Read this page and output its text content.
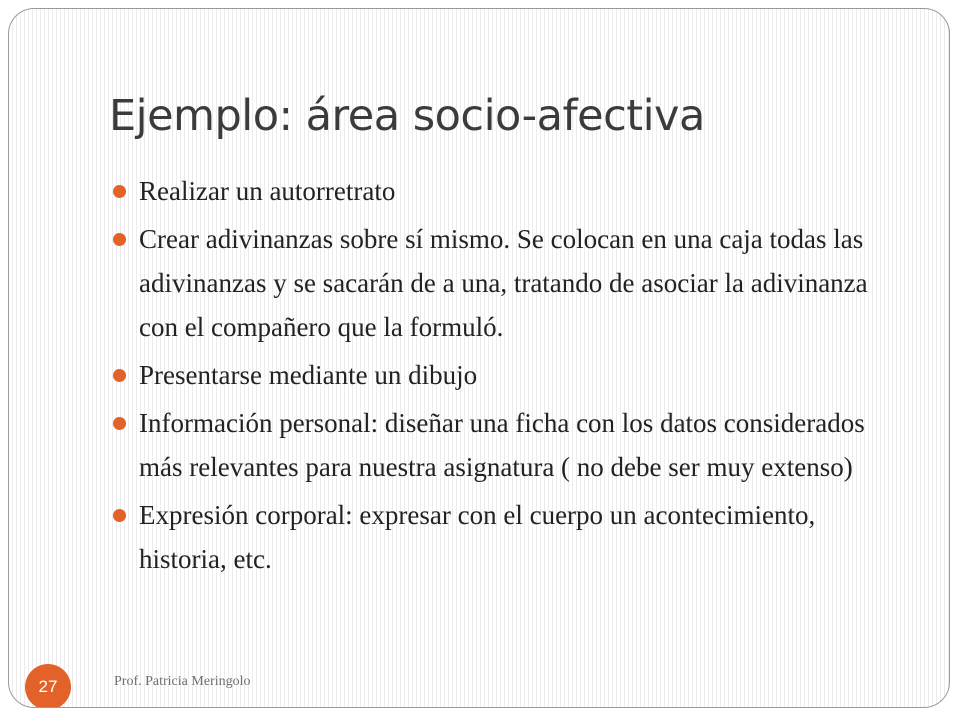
Ejemplo: área socio-afectiva
Realizar un autorretrato
Crear adivinanzas sobre sí mismo. Se colocan en una caja todas las adivinanzas y se sacarán de a una, tratando de asociar la adivinanza con el compañero que la formuló.
Presentarse mediante un dibujo
Información personal: diseñar una ficha con los datos considerados más relevantes para nuestra asignatura ( no debe ser muy extenso)
Expresión corporal: expresar con el cuerpo un acontecimiento, historia, etc.
27	Prof. Patricia Meringolo
